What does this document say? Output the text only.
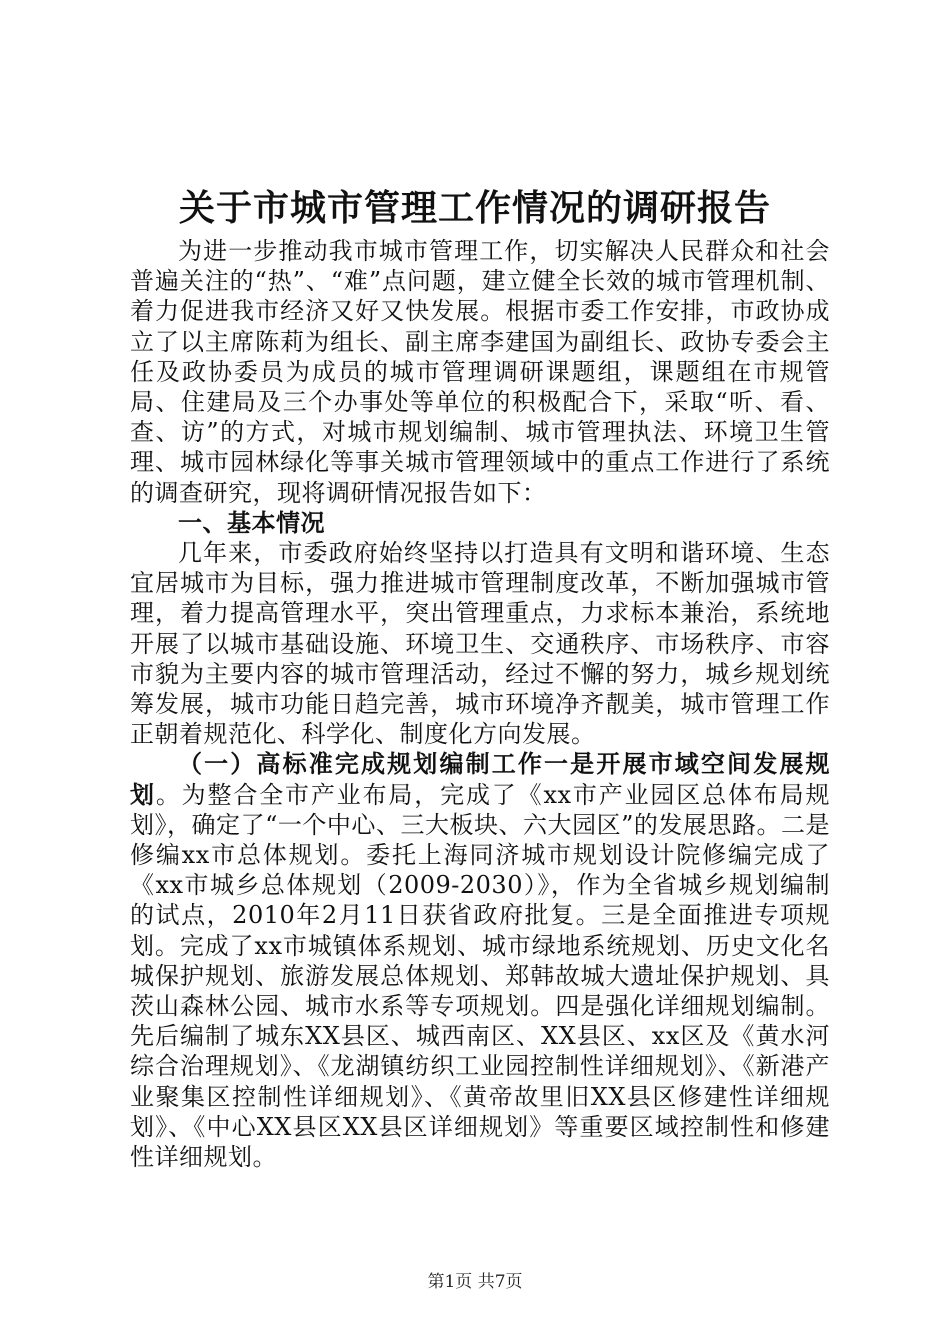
关于市城市管理工作情况的调研报告

为进一步推动我市城市管理工作，切实解决人民群众和社会普遍关注的“热”、“难”点问题，建立健全长效的城市管理机制、着力促进我市经济又好又快发展。根据市委工作安排，市政协成立了以主席陈莉为组长、副主席李建国为副组长、政协专委会主任及政协委员为成员的城市管理调研课题组，课题组在市规管局、住建局及三个办事处等单位的积极配合下，采取“听、看、查、访”的方式，对城市规划编制、城市管理执法、环境卫生管理、城市园林绿化等事关城市管理领域中的重点工作进行了系统的调查研究，现将调研情况报告如下：

一、基本情况

几年来，市委政府始终坚持以打造具有文明和谐环境、生态宜居城市为目标，强力推进城市管理制度改革，不断加强城市管理，着力提高管理水平，突出管理重点，力求标本兼治，系统地开展了以城市基础设施、环境卫生、交通秩序、市场秩序、市容市貌为主要内容的城市管理活动，经过不懈的努力，城乡规划统筹发展，城市功能日趋完善，城市环境净齐靓美，城市管理工作正朝着规范化、科学化、制度化方向发展。

（一）高标准完成规划编制工作一是开展市域空间发展规划。为整合全市产业布局，完成了《xx市产业园区总体布局规划》，确定了“一个中心、三大板块、六大园区”的发展思路。二是修编xx市总体规划。委托上海同济城市规划设计院修编完成了《xx市城乡总体规划（2009-2030）》，作为全省城乡规划编制的试点，2010年2月11日获省政府批复。三是全面推进专项规划。完成了xx市城镇体系规划、城市绿地系统规划、历史文化名城保护规划、旅游发展总体规划、郑韩故城大遗址保护规划、具茨山森林公园、城市水系等专项规划。四是强化详细规划编制。先后编制了城东XX县区、城西南区、XX县区、xx区及《黄水河综合治理规划》、《龙湖镇纺织工业园控制性详细规划》、《新港产业聚集区控制性详细规划》、《黄帝故里旧XX县区修建性详细规划》、《中心XX县区XX县区详细规划》等重要区域控制性和修建性详细规划。

第1页 共7页
